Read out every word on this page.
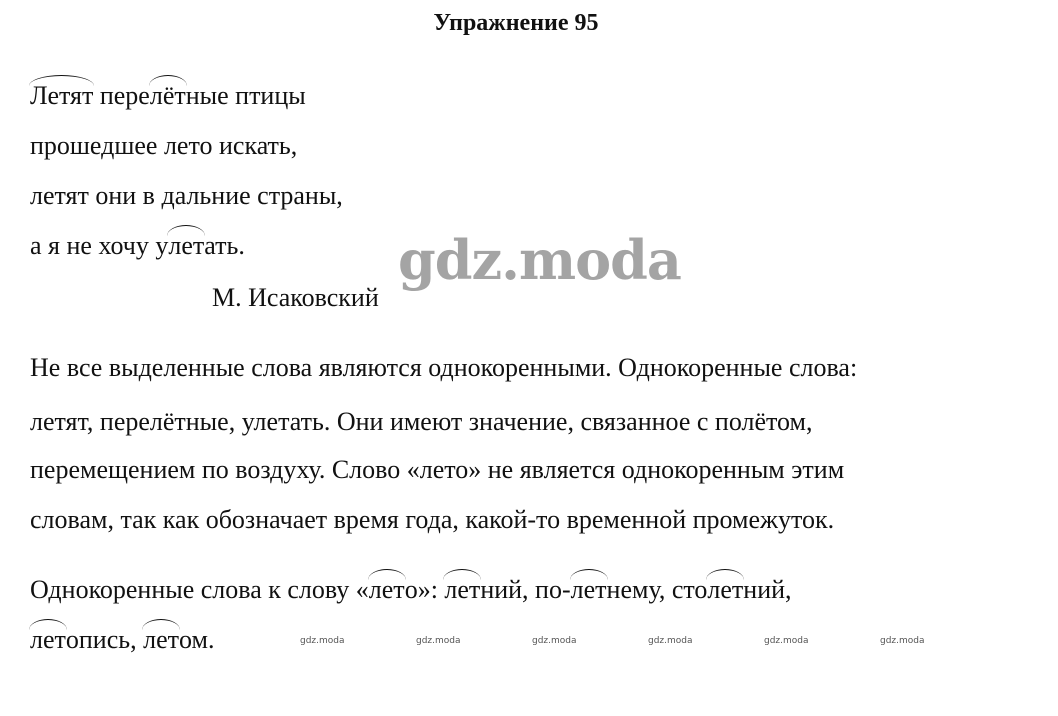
Упражнение 95
Летят перелётные птицы
прошедшее лето искать,
летят они в дальние страны,
а я не хочу улетать.
М. Исаковский
gdz.moda
Не все выделенные слова являются однокоренными. Однокоренные слова:
летят, перелётные, улетать. Они имеют значение, связанное с полётом,
перемещением по воздуху. Слово «лето» не является однокоренным этим
словам, так как обозначает время года, какой-то временной промежуток.
Однокоренные слова к слову «лето»: летний, по-летнему, столетний,
летопись, летом.	gdz.moda	gdz.moda	gdz.moda	gdz.moda	gdz.moda	gdz.moda
